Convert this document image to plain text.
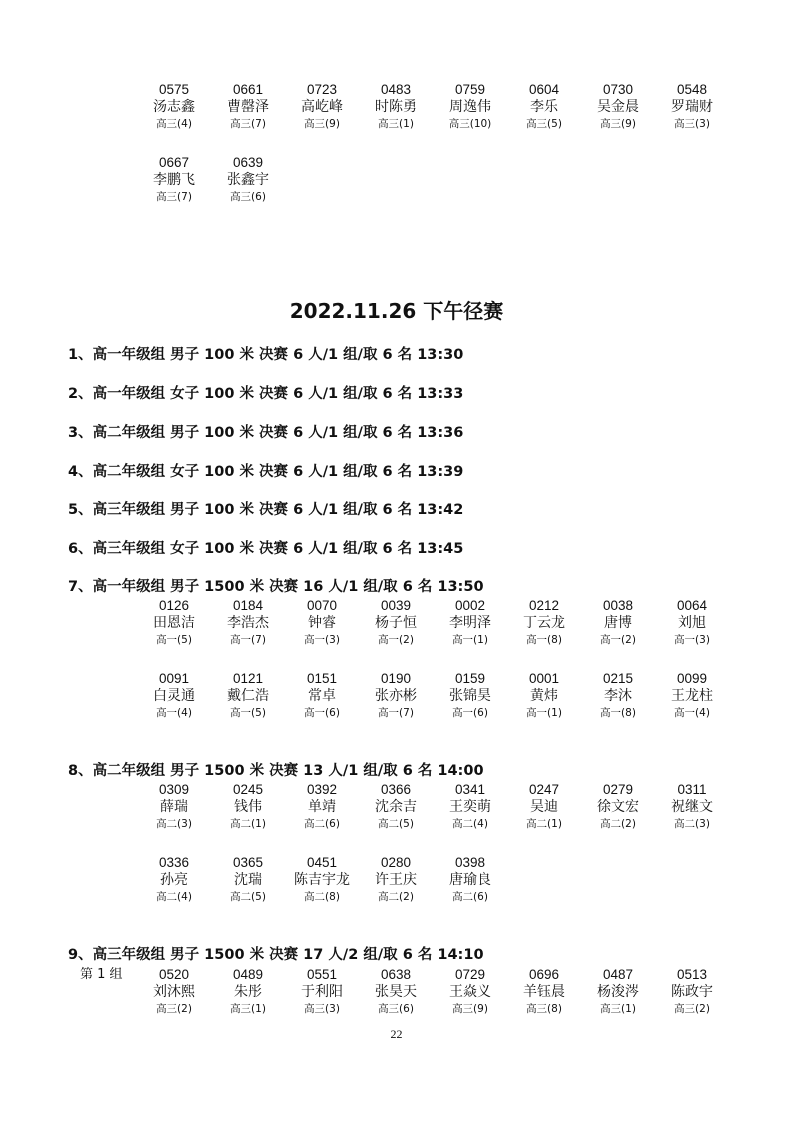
0575
汤志鑫
高三(4)
0661
曹罄泽
高三(7)
0723
高屹峰
高三(9)
0483
时陈勇
高三(1)
0759
周逸伟
高三(10)
0604
李乐
高三(5)
0730
吴金晨
高三(9)
0548
罗瑞财
高三(3)
0667
李鹏飞
高三(7)
0639
张鑫宇
高三(6)
2022.11.26 下午径赛
1、高一年级组 男子 100 米 决赛 6 人/1 组/取 6 名 13:30
2、高一年级组 女子 100 米 决赛 6 人/1 组/取 6 名 13:33
3、高二年级组 男子 100 米 决赛 6 人/1 组/取 6 名 13:36
4、高二年级组 女子 100 米 决赛 6 人/1 组/取 6 名 13:39
5、高三年级组 男子 100 米 决赛 6 人/1 组/取 6 名 13:42
6、高三年级组 女子 100 米 决赛 6 人/1 组/取 6 名 13:45
7、高一年级组 男子 1500 米 决赛 16 人/1 组/取 6 名 13:50
0126
田恩洁
高一(5)
0184
李浩杰
高一(7)
0070
钟睿
高一(3)
0039
杨子恒
高一(2)
0002
李明泽
高一(1)
0212
丁云龙
高一(8)
0038
唐博
高一(2)
0064
刘旭
高一(3)
0091
白灵通
高一(4)
0121
戴仁浩
高一(5)
0151
常卓
高一(6)
0190
张亦彬
高一(7)
0159
张锦昊
高一(6)
0001
黄炜
高一(1)
0215
李沐
高一(8)
0099
王龙柱
高一(4)
8、高二年级组 男子 1500 米 决赛 13 人/1 组/取 6 名 14:00
0309
薛瑞
高二(3)
0245
钱伟
高二(1)
0392
单靖
高二(6)
0366
沈余吉
高二(5)
0341
王奕萌
高二(4)
0247
吴迪
高二(1)
0279
徐文宏
高二(2)
0311
祝继文
高二(3)
0336
孙亮
高二(4)
0365
沈瑞
高二(5)
0451
陈吉宇龙
高二(8)
0280
许王庆
高二(2)
0398
唐瑜良
高二(6)
9、高三年级组 男子 1500 米 决赛 17 人/2 组/取 6 名 14:10
第 1 组	0520
刘沐熙
高三(2)
0489
朱彤
高三(1)
0551
于利阳
高三(3)
0638
张昊天
高三(6)
0729
王焱义
高三(9)
0696
羊钰晨
高三(8)
0487
杨浚涔
高三(1)
0513
陈政宇
高三(2)
22
